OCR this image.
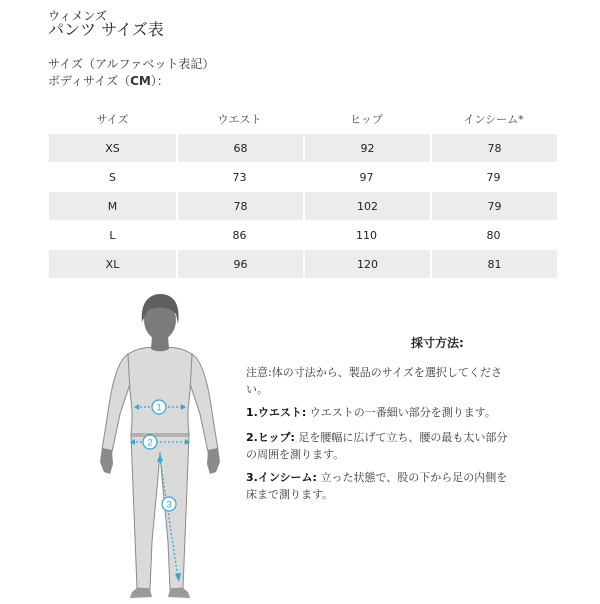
ウィメンズ
パンツ サイズ表
サイズ（アルファベット表記）
ボディサイズ（CM）：
サイズ	ウエスト	ヒップ	インシーム*
XS	68	92	78
S	73	97	79
M	78	102	79
L	86	110	80
XL	96	120	81
1
2
3
採寸方法:

注意:体の寸法から、製品のサイズを選択してください。

1.ウエスト: ウエストの一番細い部分を測ります。

2.ヒップ: 足を腰幅に広げて立ち、腰の最も太い部分の周囲を測ります。

3.インシーム: 立った状態で、股の下から足の内側を床まで測ります。
